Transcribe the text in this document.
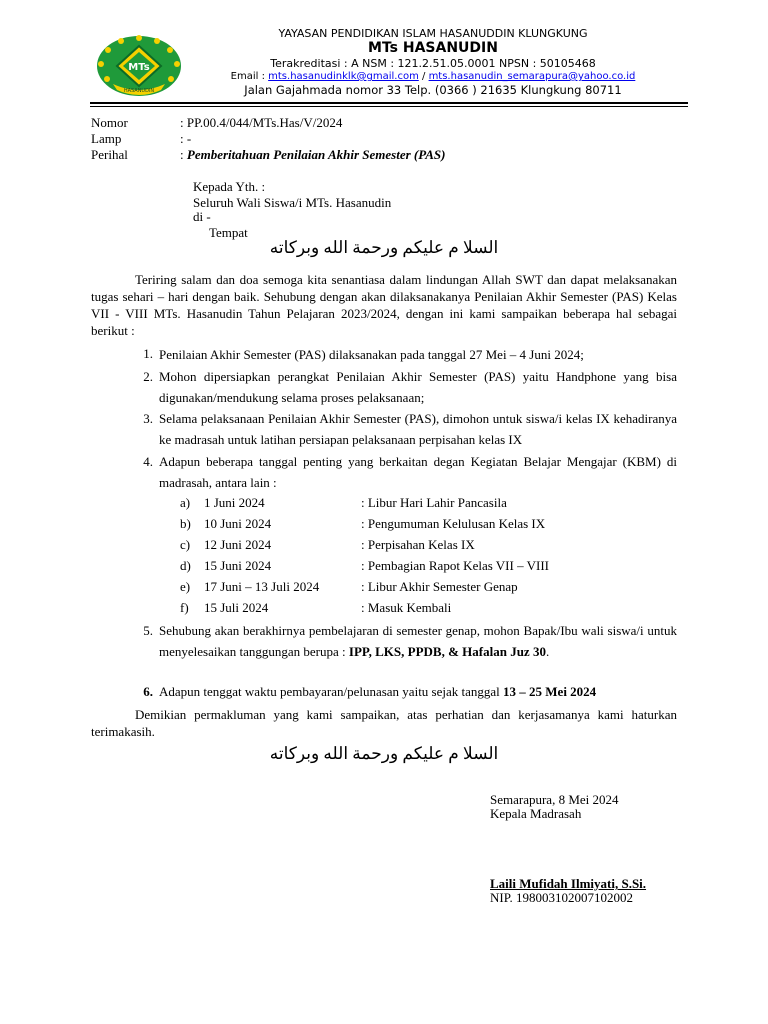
MTs
HASANUDIN
YAYASAN PENDIDIKAN ISLAM HASANUDDIN KLUNGKUNG
MTs HASANUDIN
Terakreditasi : A NSM : 121.2.51.05.0001 NPSN : 50105468
Email : mts.hasanudinklk@gmail.com / mts.hasanudin_semarapura@yahoo.co.id
Jalan Gajahmada nomor 33 Telp. (0366 ) 21635 Klungkung 80711
Nomor	: PP.00.4/044/MTs.Has/V/2024
Lamp	: -
Perihal	: Pemberitahuan Penilaian Akhir Semester (PAS)
Kepada Yth. :
Seluruh Wali Siswa/i MTs. Hasanudin
di -
Tempat
السلا م عليكم ورحمة الله وبركاته
Teriring salam dan doa semoga kita senantiasa dalam lindungan Allah SWT dan dapat melaksanakan tugas sehari – hari dengan baik. Sehubung dengan akan dilaksanakanya Penilaian Akhir Semester (PAS) Kelas VII - VIII MTs. Hasanudin Tahun Pelajaran 2023/2024, dengan ini kami sampaikan beberapa hal sebagai berikut :
1. Penilaian Akhir Semester (PAS) dilaksanakan pada tanggal 27 Mei – 4 Juni 2024;
2. Mohon dipersiapkan perangkat Penilaian Akhir Semester (PAS) yaitu Handphone yang bisa digunakan/mendukung selama proses pelaksanaan;
3. Selama pelaksanaan Penilaian Akhir Semester (PAS), dimohon untuk siswa/i kelas IX kehadiranya ke madrasah untuk latihan persiapan pelaksanaan perpisahan kelas IX
4. Adapun beberapa tanggal penting yang berkaitan degan Kegiatan Belajar Mengajar (KBM) di madrasah, antara lain :
a) 1 Juni 2024	: Libur Hari Lahir Pancasila
b) 10 Juni 2024	: Pengumuman Kelulusan Kelas IX
c) 12 Juni 2024	: Perpisahan Kelas IX
d) 15 Juni 2024	: Pembagian Rapot Kelas VII – VIII
e) 17 Juni – 13 Juli 2024	: Libur Akhir Semester Genap
f) 15 Juli 2024	: Masuk Kembali
5. Sehubung akan berakhirnya pembelajaran di semester genap, mohon Bapak/Ibu wali siswa/i untuk menyelesaikan tanggungan berupa : IPP, LKS, PPDB, & Hafalan Juz 30.
6. Adapun tenggat waktu pembayaran/pelunasan yaitu sejak tanggal 13 – 25 Mei 2024
Demikian permakluman yang kami sampaikan, atas perhatian dan kerjasamanya kami haturkan terimakasih.
السلا م عليكم ورحمة الله وبركاته
Semarapura, 8 Mei 2024
Kepala Madrasah
Laili Mufidah Ilmiyati, S.Si.
NIP. 198003102007102002
